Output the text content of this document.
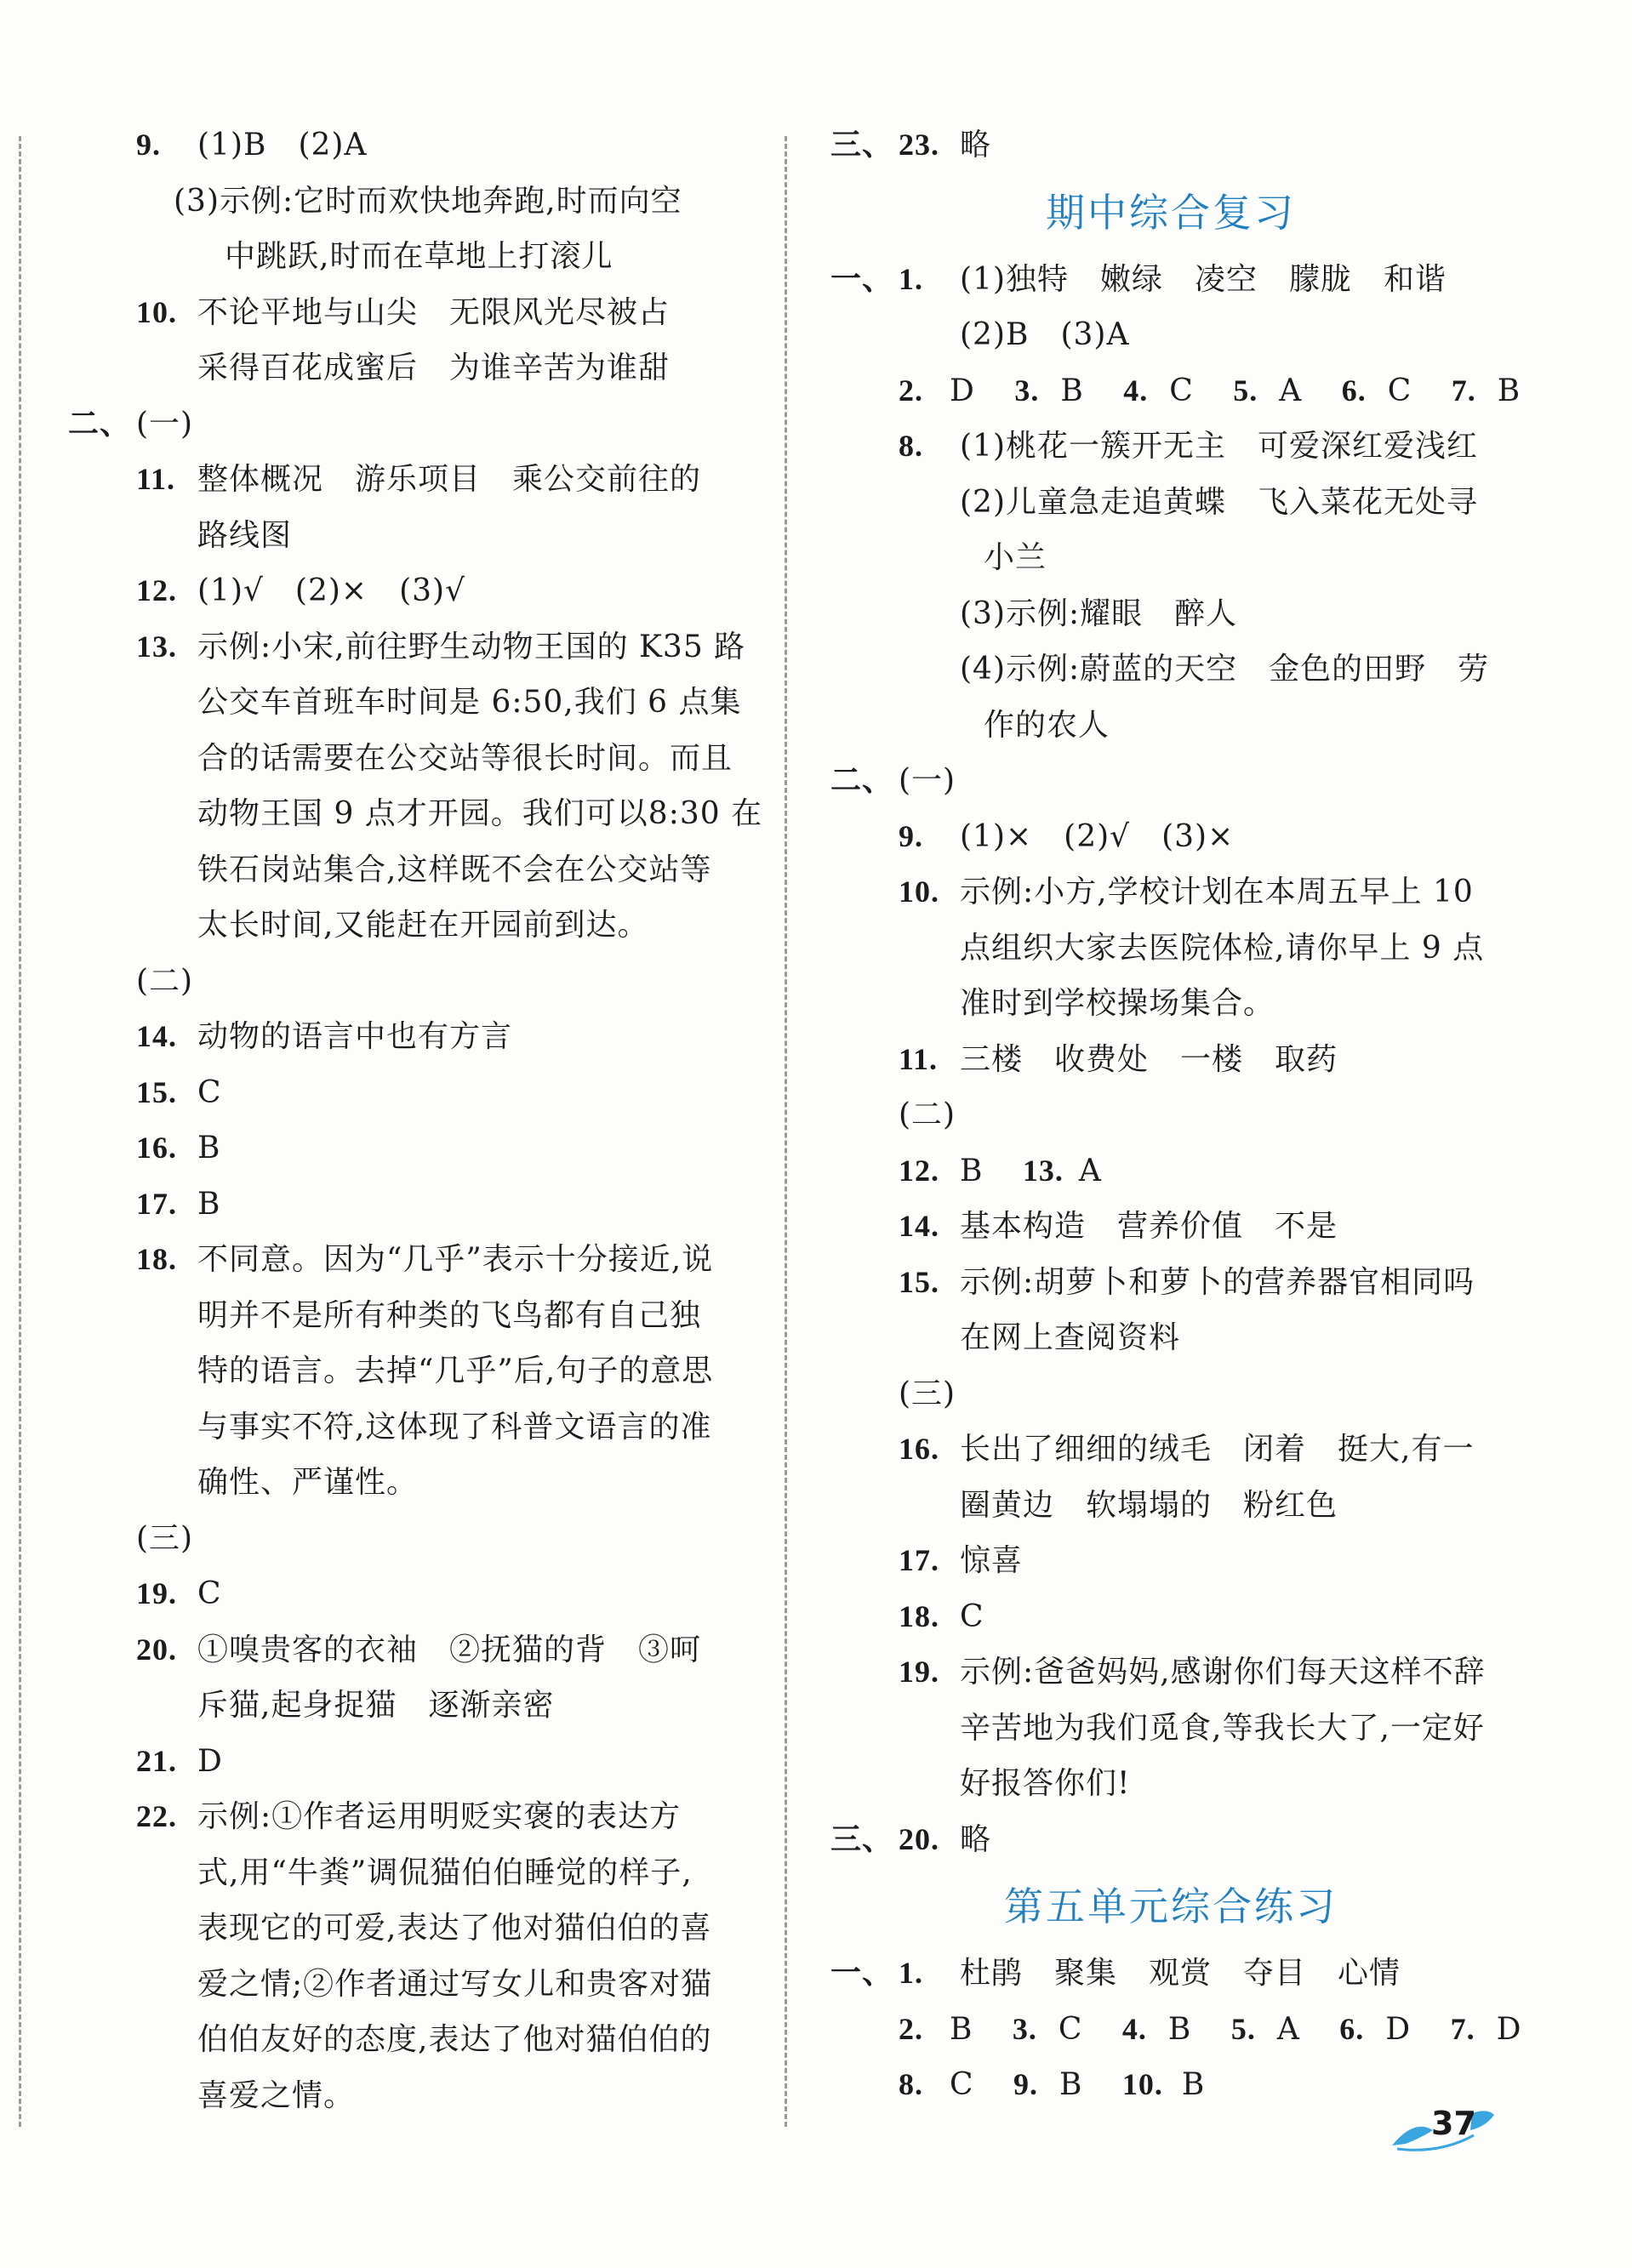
9. (1)B　(2)A
(3)示例:它时而欢快地奔跑,时而向空
中跳跃,时而在草地上打滚儿
10. 不论平地与山尖　无限风光尽被占
采得百花成蜜后　为谁辛苦为谁甜
二、 (一)
11. 整体概况　游乐项目　乘公交前往的
路线图
12. (1)√　(2)×　(3)√
13. 示例:小宋,前往野生动物王国的 K35 路
公交车首班车时间是 6:50,我们 6 点集
合的话需要在公交站等很长时间。而且
动物王国 9 点才开园。我们可以8:30 在
铁石岗站集合,这样既不会在公交站等
太长时间,又能赶在开园前到达。
(二)
14. 动物的语言中也有方言
15. C
16. B
17. B
18. 不同意。因为“几乎”表示十分接近,说
明并不是所有种类的飞鸟都有自己独
特的语言。去掉“几乎”后,句子的意思
与事实不符,这体现了科普文语言的准
确性、严谨性。
(三)
19. C
20. ①嗅贵客的衣袖　②抚猫的背　③呵
斥猫,起身捉猫　逐渐亲密
21. D
22. 示例:①作者运用明贬实褒的表达方
式,用“牛粪”调侃猫伯伯睡觉的样子,
表现它的可爱,表达了他对猫伯伯的喜
爱之情;②作者通过写女儿和贵客对猫
伯伯友好的态度,表达了他对猫伯伯的
喜爱之情。
三、 23. 略
期中综合复习
一、 1. (1)独特　嫩绿　凌空　朦胧　和谐
(2)B　(3)A
2. D 3. B 4. C 5. A 6. C 7. B
8. (1)桃花一簇开无主　可爱深红爱浅红
(2)儿童急走追黄蝶　飞入菜花无处寻
小兰
(3)示例:耀眼　醉人
(4)示例:蔚蓝的天空　金色的田野　劳
作的农人
二、 (一)
9. (1)×　(2)√　(3)×
10. 示例:小方,学校计划在本周五早上 10
点组织大家去医院体检,请你早上 9 点
准时到学校操场集合。
11. 三楼　收费处　一楼　取药
(二)
12. B 13. A
14. 基本构造　营养价值　不是
15. 示例:胡萝卜和萝卜的营养器官相同吗
在网上查阅资料
(三)
16. 长出了细细的绒毛　闭着　挺大,有一
圈黄边　软塌塌的　粉红色
17. 惊喜
18. C
19. 示例:爸爸妈妈,感谢你们每天这样不辞
辛苦地为我们觅食,等我长大了,一定好
好报答你们!
三、 20. 略
第五单元综合练习
一、 1. 杜鹃　聚集　观赏　夺目　心情
2. B 3. C 4. B 5. A 6. D 7. D
8. C 9. B 10. B
37
